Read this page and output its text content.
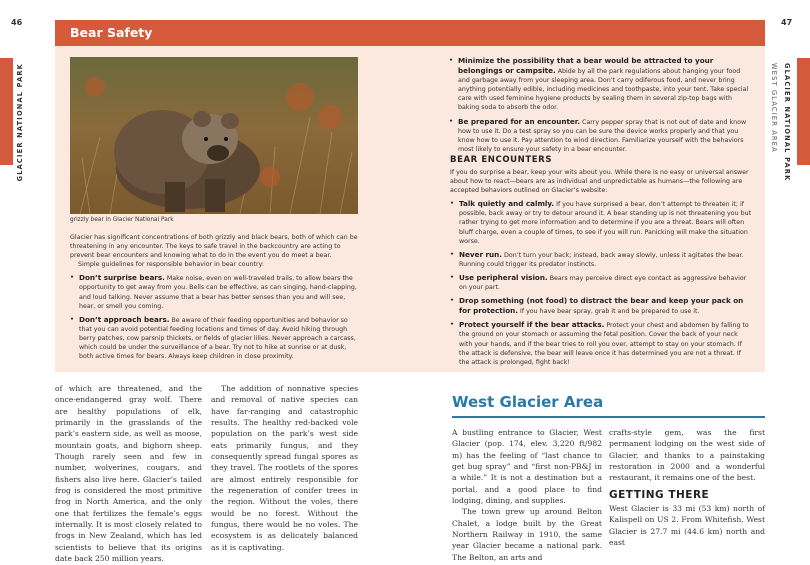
46	47
GLACIER NATIONAL PARK	GLACIER NATIONAL PARK
WEST GLACIER AREA
Bear Safety
grizzly bear in Glacier National Park
Glacier has significant concentrations of both grizzly and black bears, both of which can be threatening in any encounter. The keys to safe travel in the backcountry are acting to prevent bear encounters and knowing what to do in the event you do meet a bear.
Simple guidelines for responsible behavior in bear country:
• Don’t surprise bears. Make noise, even on well-traveled trails, to allow bears the opportunity to get away from you. Bells can be effective, as can singing, hand-clapping, and loud talking. Never assume that a bear has better senses than you and will see, hear, or smell you coming.
• Don’t approach bears. Be aware of their feeding opportunities and behavior so that you can avoid potential feeding locations and times of day. Avoid hiking through berry patches, cow parsnip thickets, or fields of glacier lilies. Never approach a carcass, which could be under the surveillance of a bear. Try not to hike at sunrise or at dusk, both active times for bears. Always keep children in close proximity.
• Minimize the possibility that a bear would be attracted to your belongings or campsite. Abide by all the park regulations about hanging your food and garbage away from your sleeping area. Don’t carry odiferous food, and never bring anything potentially edible, including medicines and toothpaste, into your tent. Take special care with used feminine hygiene products by sealing them in several zip-top bags with baking soda to absorb the odor.
• Be prepared for an encounter. Carry pepper spray that is not out of date and know how to use it. Do a test spray so you can be sure the device works properly and that you know how to use it. Pay attention to wind direction. Familiarize yourself with the behaviors most likely to ensure your safety in a bear encounter.
BEAR ENCOUNTERS
If you do surprise a bear, keep your wits about you. While there is no easy or universal answer about how to react—bears are as individual and unpredictable as humans—the following are accepted behaviors outlined on Glacier’s website:
• Talk quietly and calmly. If you have surprised a bear, don’t attempt to threaten it; if possible, back away or try to detour around it. A bear standing up is not threatening you but rather trying to get more information and to determine if you are a threat. Bears will often bluff charge, even a couple of times, to see if you will run. Panicking will make the situation worse.
• Never run. Don’t turn your back; instead, back away slowly, unless it agitates the bear. Running could trigger its predator instincts.
• Use peripheral vision. Bears may perceive direct eye contact as aggressive behavior on your part.
• Drop something (not food) to distract the bear and keep your pack on for protection. If you have bear spray, grab it and be prepared to use it.
• Protect yourself if the bear attacks. Protect your chest and abdomen by falling to the ground on your stomach or assuming the fetal position. Cover the back of your neck with your hands, and if the bear tries to roll you over, attempt to stay on your stomach. If the attack is defensive, the bear will leave once it has determined you are not a threat. If the attack is prolonged, fight back!

of which are threatened, and the once-endangered gray wolf. There are healthy populations of elk, primarily in the grasslands of the park’s eastern side, as well as moose, mountain goats, and bighorn sheep. Though rarely seen and few in number, wolverines, cougars, and fishers also live here. Glacier’s tailed frog is considered the most primitive frog in North America, and the only one that fertilizes the female’s eggs internally. It is most closely related to frogs in New Zealand, which has led scientists to believe that its origins date back 250 million years.

The addition of nonnative species and removal of native species can have far-ranging and catastrophic results. The healthy red-backed vole population on the park’s west side eats primarily fungus, and they consequently spread fungal spores as they travel. The rootlets of the spores are almost entirely responsible for the regeneration of conifer trees in the region. Without the voles, there would be no forest. Without the fungus, there would be no voles. The ecosystem is as delicately balanced as it is captivating.

West Glacier Area

A bustling entrance to Glacier, West Glacier (pop. 174, elev. 3,220 ft/982 m) has the feeling of “last chance to get bug spray” and “first non-PB&J in a while.” It is not a destination but a portal, and a good place to find lodging, dining, and supplies.

The town grew up around Belton Chalet, a lodge built by the Great Northern Railway in 1910, the same year Glacier became a national park. The Belton, an arts and

crafts-style gem, was the first permanent lodging on the west side of Glacier, and thanks to a painstaking restoration in 2000 and a wonderful restaurant, it remains one of the best.

GETTING THERE

West Glacier is 33 mi (53 km) north of Kalispell on US 2. From Whitefish, West Glacier is 27.7 mi (44.6 km) north and east
